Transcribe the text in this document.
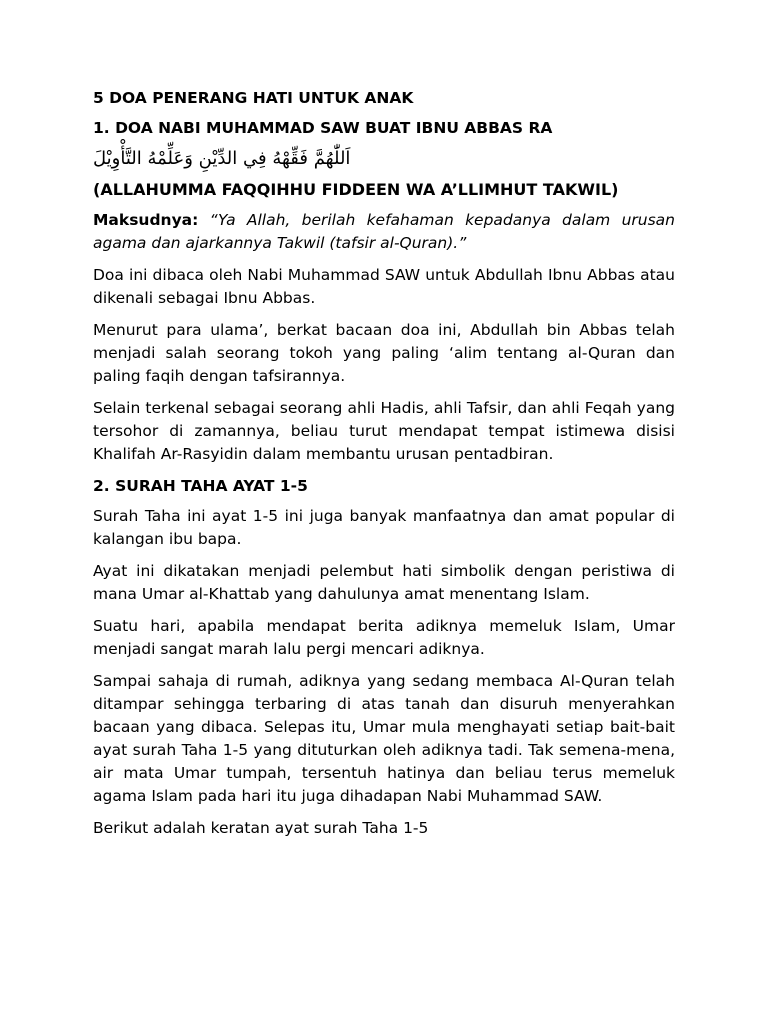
5 DOA PENERANG HATI UNTUK ANAK
1. DOA NABI MUHAMMAD SAW BUAT IBNU ABBAS RA
اَللّٰهُمَّ فَقِّهْهُ فِي الدِّيْنِ وَعَلِّمْهُ التَّأْوِيْلَ
(ALLAHUMMA FAQQIHHU FIDDEEN WA A’LLIMHUT TAKWIL)

Maksudnya: “Ya Allah, berilah kefahaman kepadanya dalam urusan agama dan ajarkannya Takwil (tafsir al-Quran).”

Doa ini dibaca oleh Nabi Muhammad SAW untuk Abdullah Ibnu Abbas atau dikenali sebagai Ibnu Abbas.

Menurut para ulama’, berkat bacaan doa ini, Abdullah bin Abbas telah menjadi salah seorang tokoh yang paling ‘alim tentang al-Quran dan paling faqih dengan tafsirannya.

Selain terkenal sebagai seorang ahli Hadis, ahli Tafsir, dan ahli Feqah yang tersohor di zamannya, beliau turut mendapat tempat istimewa disisi Khalifah Ar-Rasyidin dalam membantu urusan pentadbiran.

2. SURAH TAHA AYAT 1-5

Surah Taha ini ayat 1-5 ini juga banyak manfaatnya dan amat popular di kalangan ibu bapa.

Ayat ini dikatakan menjadi pelembut hati simbolik dengan peristiwa di mana Umar al-Khattab yang dahulunya amat menentang Islam.

Suatu hari, apabila mendapat berita adiknya memeluk Islam, Umar menjadi sangat marah lalu pergi mencari adiknya.

Sampai sahaja di rumah, adiknya yang sedang membaca Al-Quran telah ditampar sehingga terbaring di atas tanah dan disuruh menyerahkan bacaan yang dibaca. Selepas itu, Umar mula menghayati setiap bait-bait ayat surah Taha 1-5 yang dituturkan oleh adiknya tadi. Tak semena-mena, air mata Umar tumpah, tersentuh hatinya dan beliau terus memeluk agama Islam pada hari itu juga dihadapan Nabi Muhammad SAW.

Berikut adalah keratan ayat surah Taha 1-5
